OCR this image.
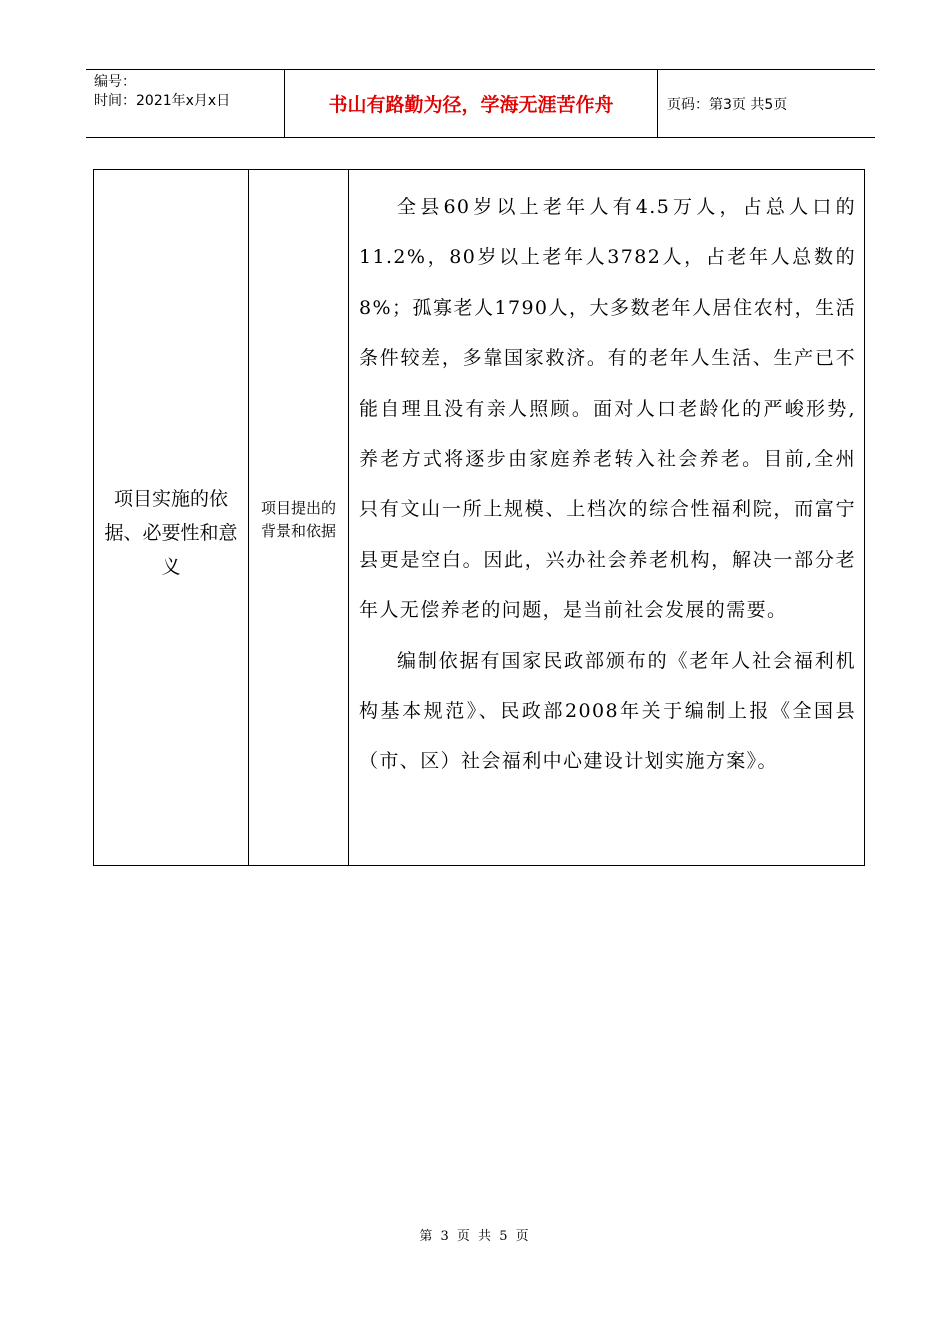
编号：
时间：2021年x月x日	书山有路勤为径，学海无涯苦作舟	页码：第3页 共5页
项目实施的依据、必要性和意义
项目提出的背景和依据

全县60岁以上老年人有4.5万人，占总人口的11.2%，80岁以上老年人3782人，占老年人总数的8%；孤寡老人1790人，大多数老年人居住农村，生活条件较差，多靠国家救济。有的老年人生活、生产已不能自理且没有亲人照顾。面对人口老龄化的严峻形势,养老方式将逐步由家庭养老转入社会养老。目前,全州只有文山一所上规模、上档次的综合性福利院，而富宁县更是空白。因此，兴办社会养老机构，解决一部分老年人无偿养老的问题，是当前社会发展的需要。

编制依据有国家民政部颁布的《老年人社会福利机构基本规范》、民政部2008年关于编制上报《全国县（市、区）社会福利中心建设计划实施方案》。

第 3 页 共 5 页
